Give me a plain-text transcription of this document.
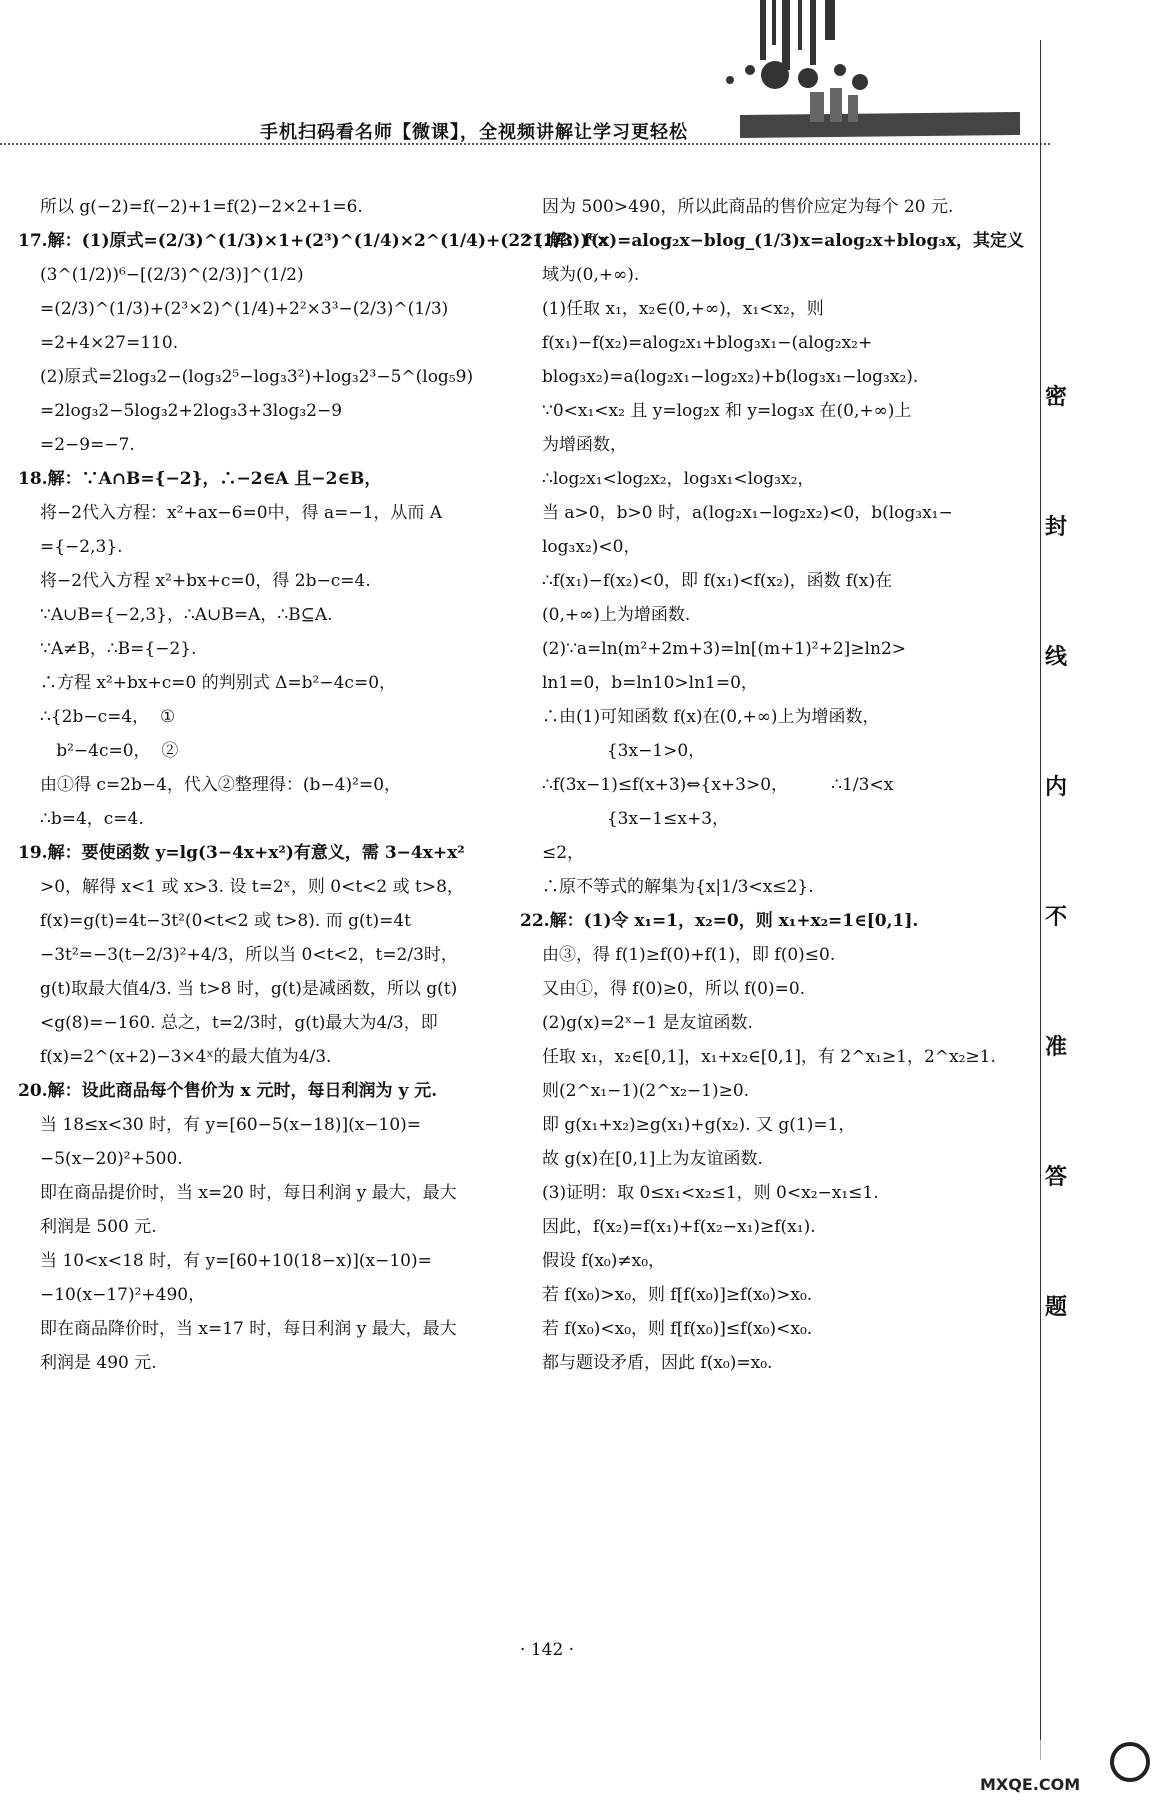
手机扫码看名师【微课】，全视频讲解让学习更轻松
所以 g(−2)=f(−2)+1=f(2)−2×2+1=6.
17.解：(1)原式=(2/3)^(1/3)×1+(2³)^(1/4)×2^(1/4)+(2^(1/3))⁶×
(3^(1/2))⁶−[(2/3)^(2/3)]^(1/2)
=(2/3)^(1/3)+(2³×2)^(1/4)+2²×3³−(2/3)^(1/3)
=2+4×27=110.
(2)原式=2log₃2−(log₃2⁵−log₃3²)+log₃2³−5^(log₅9)
=2log₃2−5log₃2+2log₃3+3log₃2−9
=2−9=−7.
18.解：∵A∩B={−2}，∴−2∈A 且−2∈B，
将−2代入方程：x²+ax−6=0中，得 a=−1，从而 A
={−2,3}.
将−2代入方程 x²+bx+c=0，得 2b−c=4.
∵A∪B={−2,3}，∴A∪B=A，∴B⊆A.
∵A≠B，∴B={−2}.
∴方程 x²+bx+c=0 的判别式 Δ=b²−4c=0，
∴{2b−c=4，  ①
b²−4c=0，  ②
由①得 c=2b−4，代入②整理得：(b−4)²=0，
∴b=4，c=4.
19.解：要使函数 y=lg(3−4x+x²)有意义，需 3−4x+x²
>0，解得 x<1 或 x>3. 设 t=2ˣ，则 0<t<2 或 t>8，
f(x)=g(t)=4t−3t²(0<t<2 或 t>8). 而 g(t)=4t
−3t²=−3(t−2/3)²+4/3，所以当 0<t<2，t=2/3时，
g(t)取最大值4/3. 当 t>8 时，g(t)是减函数，所以 g(t)
<g(8)=−160. 总之，t=2/3时，g(t)最大为4/3，即
f(x)=2^(x+2)−3×4ˣ的最大值为4/3.
20.解：设此商品每个售价为 x 元时，每日利润为 y 元.
当 18≤x<30 时，有 y=[60−5(x−18)](x−10)=
−5(x−20)²+500.
即在商品提价时，当 x=20 时，每日利润 y 最大，最大
利润是 500 元.
当 10<x<18 时，有 y=[60+10(18−x)](x−10)=
−10(x−17)²+490，
即在商品降价时，当 x=17 时，每日利润 y 最大，最大
利润是 490 元.
因为 500>490，所以此商品的售价应定为每个 20 元.
21.解：f(x)=alog₂x−blog_(1/3)x=alog₂x+blog₃x，其定义
域为(0,+∞).
(1)任取 x₁，x₂∈(0,+∞)，x₁<x₂，则
f(x₁)−f(x₂)=alog₂x₁+blog₃x₁−(alog₂x₂+
blog₃x₂)=a(log₂x₁−log₂x₂)+b(log₃x₁−log₃x₂).
∵0<x₁<x₂ 且 y=log₂x 和 y=log₃x 在(0,+∞)上
为增函数，
∴log₂x₁<log₂x₂，log₃x₁<log₃x₂，
当 a>0，b>0 时，a(log₂x₁−log₂x₂)<0，b(log₃x₁−
log₃x₂)<0，
∴f(x₁)−f(x₂)<0，即 f(x₁)<f(x₂)，函数 f(x)在
(0,+∞)上为增函数.
(2)∵a=ln(m²+2m+3)=ln[(m+1)²+2]≥ln2>
ln1=0，b=ln10>ln1=0，
∴由(1)可知函数 f(x)在(0,+∞)上为增函数，
{3x−1>0，
∴f(3x−1)≤f(x+3)⇔{x+3>0，        ∴1/3<x
{3x−1≤x+3，
≤2，
∴原不等式的解集为{x|1/3<x≤2}.
22.解：(1)令 x₁=1，x₂=0，则 x₁+x₂=1∈[0,1].
由③，得 f(1)≥f(0)+f(1)，即 f(0)≤0.
又由①，得 f(0)≥0，所以 f(0)=0.
(2)g(x)=2ˣ−1 是友谊函数.
任取 x₁，x₂∈[0,1]，x₁+x₂∈[0,1]，有 2^x₁≥1，2^x₂≥1.
则(2^x₁−1)(2^x₂−1)≥0.
即 g(x₁+x₂)≥g(x₁)+g(x₂). 又 g(1)=1，
故 g(x)在[0,1]上为友谊函数.
(3)证明：取 0≤x₁<x₂≤1，则 0<x₂−x₁≤1.
因此，f(x₂)=f(x₁)+f(x₂−x₁)≥f(x₁).
假设 f(x₀)≠x₀，
若 f(x₀)>x₀，则 f[f(x₀)]≥f(x₀)>x₀.
若 f(x₀)<x₀，则 f[f(x₀)]≤f(x₀)<x₀.
都与题设矛盾，因此 f(x₀)=x₀.
密
封
线
内
不
准
答
题
· 142 ·
MXQE.COM
